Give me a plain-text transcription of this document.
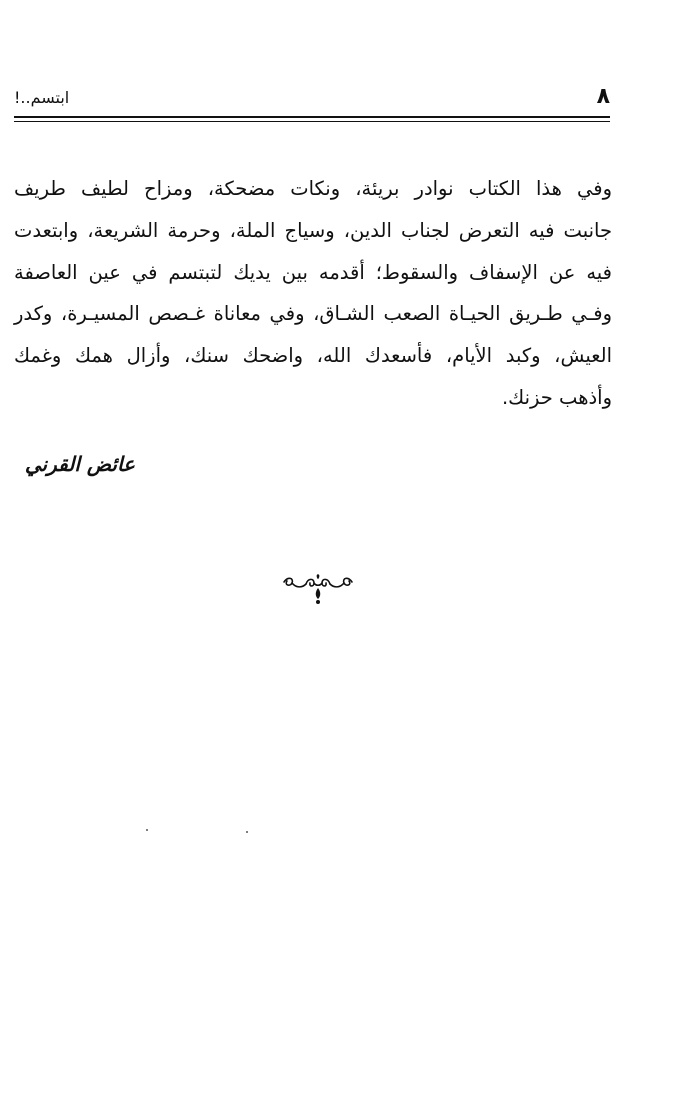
٨
ابتسم..!
وفي هذا الكتاب نوادر بريئة، ونكات مضحكة، ومزاح لطيف طريف
جانبت فيه التعرض لجناب الدين، وسياج الملة، وحرمة الشريعة، وابتعدت
فيه عن الإسفاف والسقوط؛ أقدمه بين يديك لتبتسم في عين العاصفة
وفـي طـريق الحيـاة الصعب الشـاق، وفي معاناة غـصص المسيـرة، وكدر
العيش، وكبد الأيام، فأسعدك الله، واضحك سنك، وأزال همك وغمك
وأذهب حزنك.
عائض القرني
